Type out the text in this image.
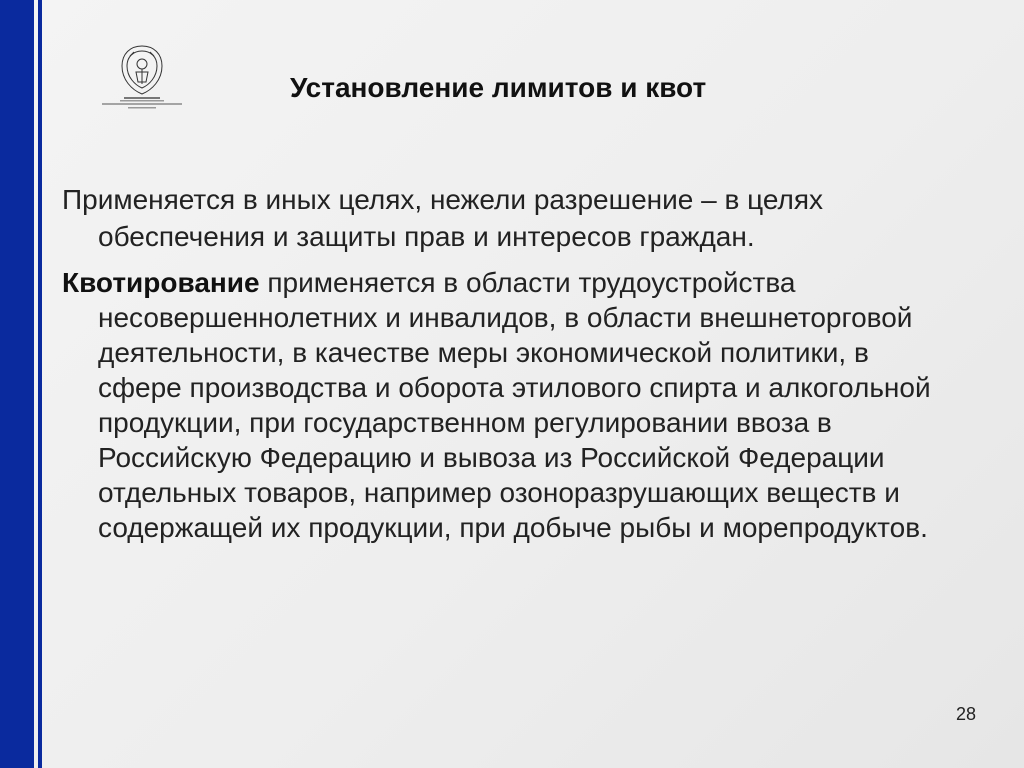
Установление лимитов и квот

Применяется в иных целях, нежели разрешение – в целях обеспечения и защиты прав и интересов граждан.

Квотирование применяется в области трудоустройства несовершеннолетних и инвалидов, в области внешнеторговой деятельности, в качестве меры экономической политики, в сфере производства и оборота этилового спирта и алкогольной продукции, при государственном регулировании ввоза в Российскую Федерацию и вывоза из Российской Федерации отдельных товаров, например озоноразрушающих веществ и содержащей их продукции, при добыче рыбы и морепродуктов.

28
